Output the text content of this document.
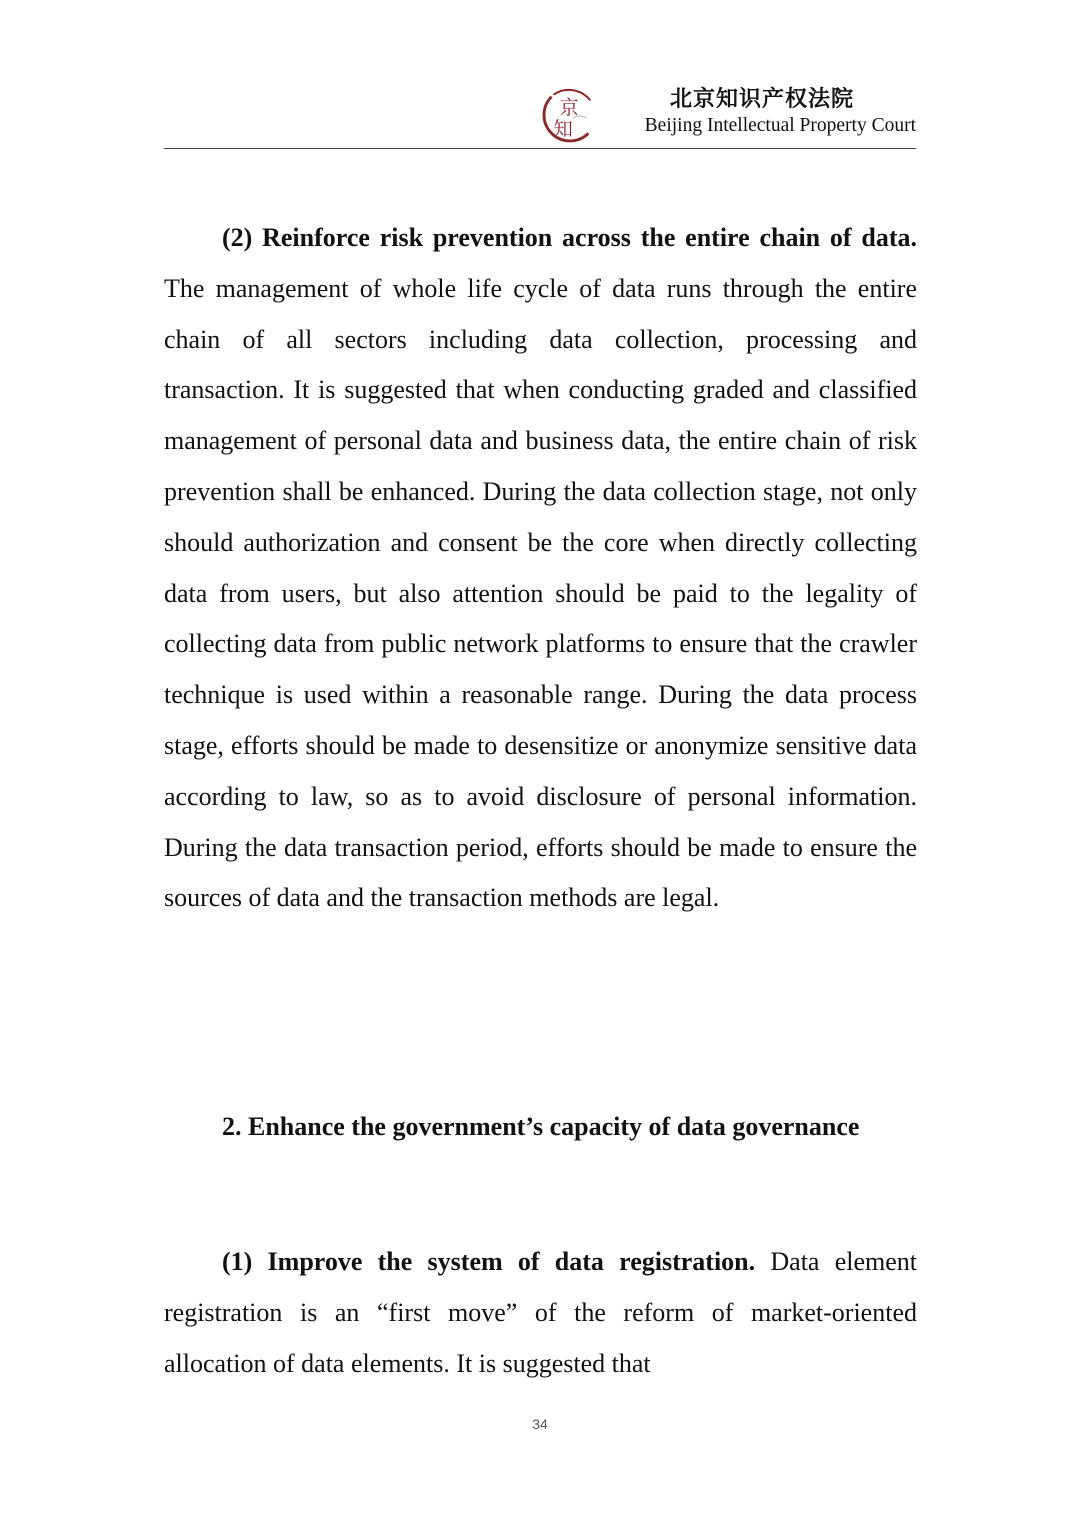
京
知
北京知识产权法院
Beijing Intellectual Property Court

(2) Reinforce risk prevention across the entire chain of data. The management of whole life cycle of data runs through the entire chain of all sectors including data collection, processing and transaction. It is suggested that when conducting graded and classified management of personal data and business data, the entire chain of risk prevention shall be enhanced. During the data collection stage, not only should authorization and consent be the core when directly collecting data from users, but also attention should be paid to the legality of collecting data from public network platforms to ensure that the crawler technique is used within a reasonable range. During the data process stage, efforts should be made to desensitize or anonymize sensitive data according to law, so as to avoid disclosure of personal information. During the data transaction period, efforts should be made to ensure the sources of data and the transaction methods are legal.

2. Enhance the government’s capacity of data governance

(1) Improve the system of data registration. Data element registration is an “first move” of the reform of market-oriented allocation of data elements. It is suggested that

34
